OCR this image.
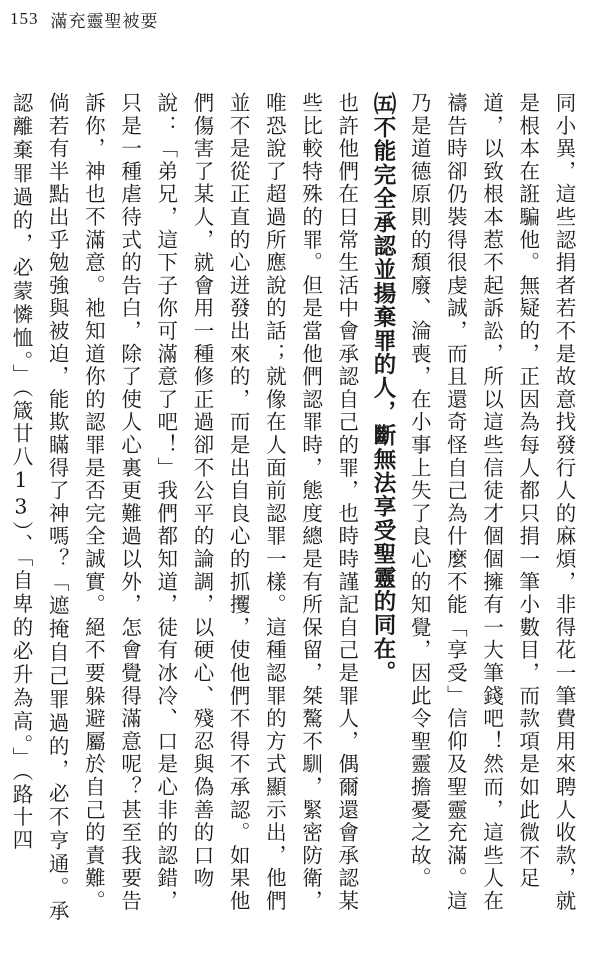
153 滿充靈聖被要

同小異，這些認捐者若不是故意找發行人的麻煩，非得花一筆費用來聘人收款，就是根本在誑騙他。無疑的，正因為每人都只捐一筆小數目，而款項是如此微不足道，以致根本惹不起訴訟，所以這些信徒才個個擁有一大筆錢吧！然而，這些人在禱告時卻仍裝得很虔誠，而且還奇怪自己為什麼不能「享受」信仰及聖靈充滿。這乃是道德原則的頹廢、淪喪，在小事上失了良心的知覺，因此令聖靈擔憂之故。

㈤不能完全承認並揚棄罪的人，斷無法享受聖靈的同在。

也許他們在日常生活中會承認自己的罪，也時時謹記自己是罪人，偶爾還會承認某些比較特殊的罪。但是當他們認罪時，態度總是有所保留，桀驁不馴，緊密防衛，唯恐說了超過所應說的話；就像在人面前認罪一樣。這種認罪的方式顯示出，他們並不是從正直的心迸發出來的，而是出自良心的抓攫，使他們不得不承認。如果他們傷害了某人，就會用一種修正過卻不公平的論調，以硬心、殘忍與偽善的口吻說：「弟兄，這下子你可滿意了吧！」我們都知道，徒有冰冷、口是心非的認錯，只是一種虐待式的告白，除了使人心裏更難過以外，怎會覺得滿意呢？甚至我要告訴你，神也不滿意。祂知道你的認罪是否完全誠實。絕不要躲避屬於自己的責難。倘若有半點出乎勉強與被迫，能欺瞞得了神嗎？「遮掩自己罪過的，必不亨通。承認離棄罪過的，必蒙憐恤。」（箴廿八13）、「自卑的必升為高。」（路十四
